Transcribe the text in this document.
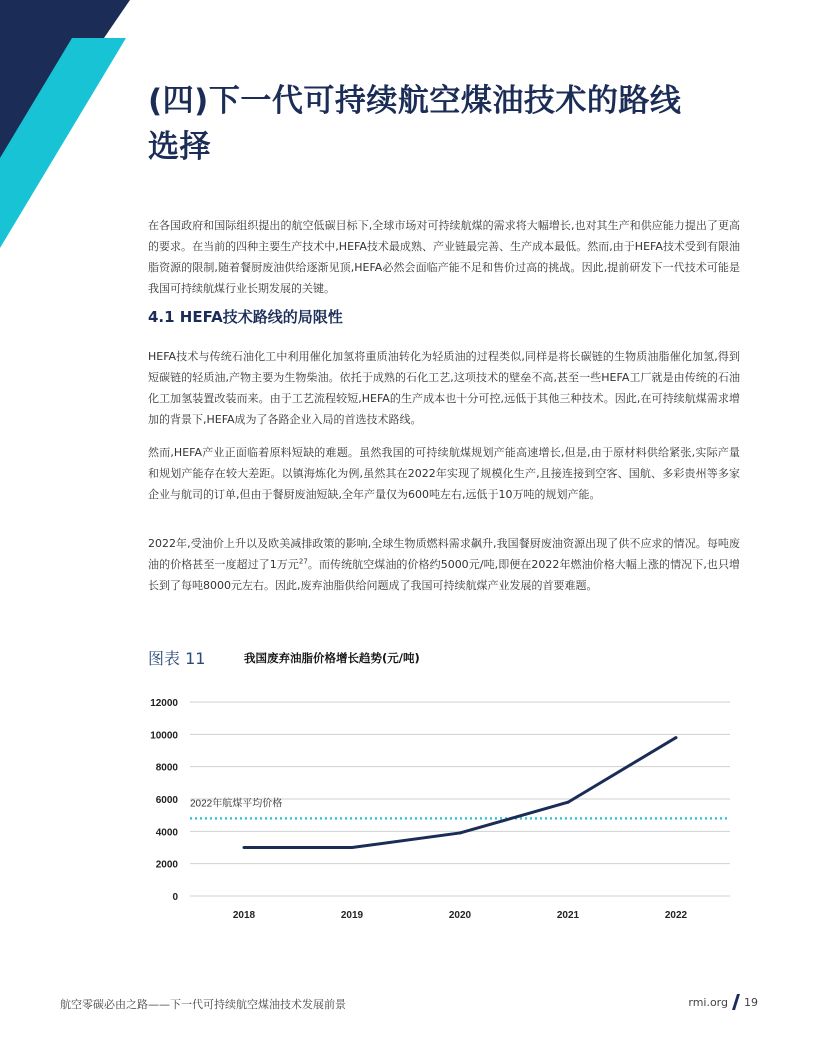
(四)下一代可持续航空煤油技术的路线
选择

在各国政府和国际组织提出的航空低碳目标下,全球市场对可持续航煤的需求将大幅增长,也对其生产和供应能力提出了更高的要求。在当前的四种主要生产技术中,HEFA技术最成熟、产业链最完善、生产成本最低。然而,由于HEFA技术受到有限油脂资源的限制,随着餐厨废油供给逐渐见顶,HEFA必然会面临产能不足和售价过高的挑战。因此,提前研发下一代技术可能是我国可持续航煤行业长期发展的关键。

4.1 HEFA技术路线的局限性

HEFA技术与传统石油化工中利用催化加氢将重质油转化为轻质油的过程类似,同样是将长碳链的生物质油脂催化加氢,得到短碳链的轻质油,产物主要为生物柴油。依托于成熟的石化工艺,这项技术的壁垒不高,甚至一些HEFA工厂就是由传统的石油化工加氢装置改装而来。由于工艺流程较短,HEFA的生产成本也十分可控,远低于其他三种技术。因此,在可持续航煤需求增加的背景下,HEFA成为了各路企业入局的首选技术路线。

然而,HEFA产业正面临着原料短缺的难题。虽然我国的可持续航煤规划产能高速增长,但是,由于原材料供给紧张,实际产量和规划产能存在较大差距。以镇海炼化为例,虽然其在2022年实现了规模化生产,且接连接到空客、国航、多彩贵州等多家企业与航司的订单,但由于餐厨废油短缺,全年产量仅为600吨左右,远低于10万吨的规划产能。

2022年,受油价上升以及欧美减排政策的影响,全球生物质燃料需求飙升,我国餐厨废油资源出现了供不应求的情况。每吨废油的价格甚至一度超过了1万元$^{27}$。而传统航空煤油的价格约5000元/吨,即便在2022年燃油价格大幅上涨的情况下,也只增长到了每吨8000元左右。因此,废弃油脂供给问题成了我国可持续航煤产业发展的首要难题。

图表 11	我国废弃油脂价格增长趋势(元/吨)
0
2000
4000
6000
8000
10000
12000
2018	2019	2020	2021	2022
2022年航煤平均价格
航空零碳必由之路——下一代可持续航空煤油技术发展前景	rmi.org 19
